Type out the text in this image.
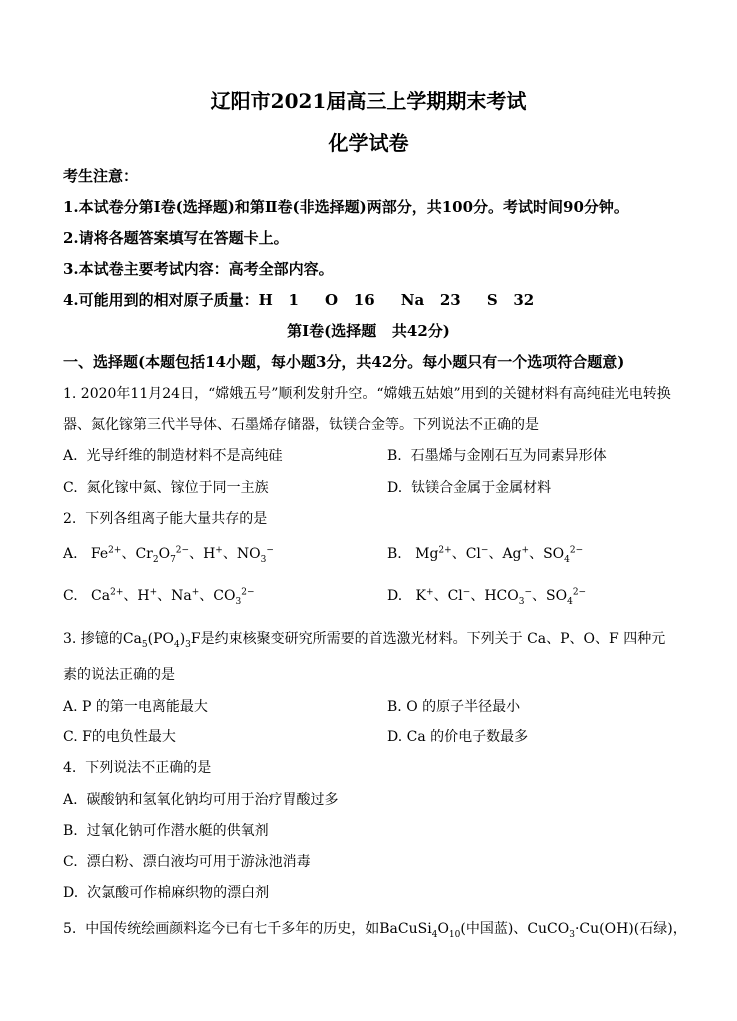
辽阳市2021届高三上学期期末考试
化学试卷
考生注意：
1.本试卷分第Ⅰ卷(选择题)和第Ⅱ卷(非选择题)两部分，共100分。考试时间90分钟。
2.请将各题答案填写在答题卡上。
3.本试卷主要考试内容：高考全部内容。
4.可能用到的相对原子质量：H   1     O   16     Na   23     S   32
第Ⅰ卷(选择题   共42分)
一、选择题(本题包括14小题，每小题3分，共42分。每小题只有一个选项符合题意)
1. 2020年11月24日，“嫦娥五号”顺利发射升空。“嫦娥五姑娘”用到的关键材料有高纯硅光电转换
器、氮化镓第三代半导体、石墨烯存储器，钛镁合金等。下列说法不正确的是
A.  光导纤维的制造材料不是高纯硅	B.  石墨烯与金刚石互为同素异形体
C.  氮化镓中氮、镓位于同一主族	D.  钛镁合金属于金属材料
2.  下列各组离子能大量共存的是
A. $Fe^{2+}$、$Cr_2O_7^{2-}$、H+、$NO_3^-$	B. $Mg^{2+}$、Cl−、Ag+、$SO_4^{2-}$
C. $Ca^{2+}$、H+、Na+、$CO_3^{2-}$	D. K+、Cl−、$HCO_3^-$、$SO_4^{2-}$
3. 掺镱的$Ca_5(PO_4)_3F$是约束核聚变研究所需要的首选激光材料。下列关于 Ca、P、O、F 四种元
素的说法正确的是
A. P 的第一电离能最大	B. O 的原子半径最小
C. F的电负性最大	D. Ca 的价电子数最多
4.  下列说法不正确的是
A.  碳酸钠和氢氧化钠均可用于治疗胃酸过多
B.  过氧化钠可作潜水艇的供氧剂
C.  漂白粉、漂白液均可用于游泳池消毒
D.  次氯酸可作棉麻织物的漂白剂
5.  中国传统绘画颜料迄今已有七千多年的历史，如$BaCuSi_4O_{10}$(中国蓝)、CuCO$_3$·Cu(OH)(石绿)，
